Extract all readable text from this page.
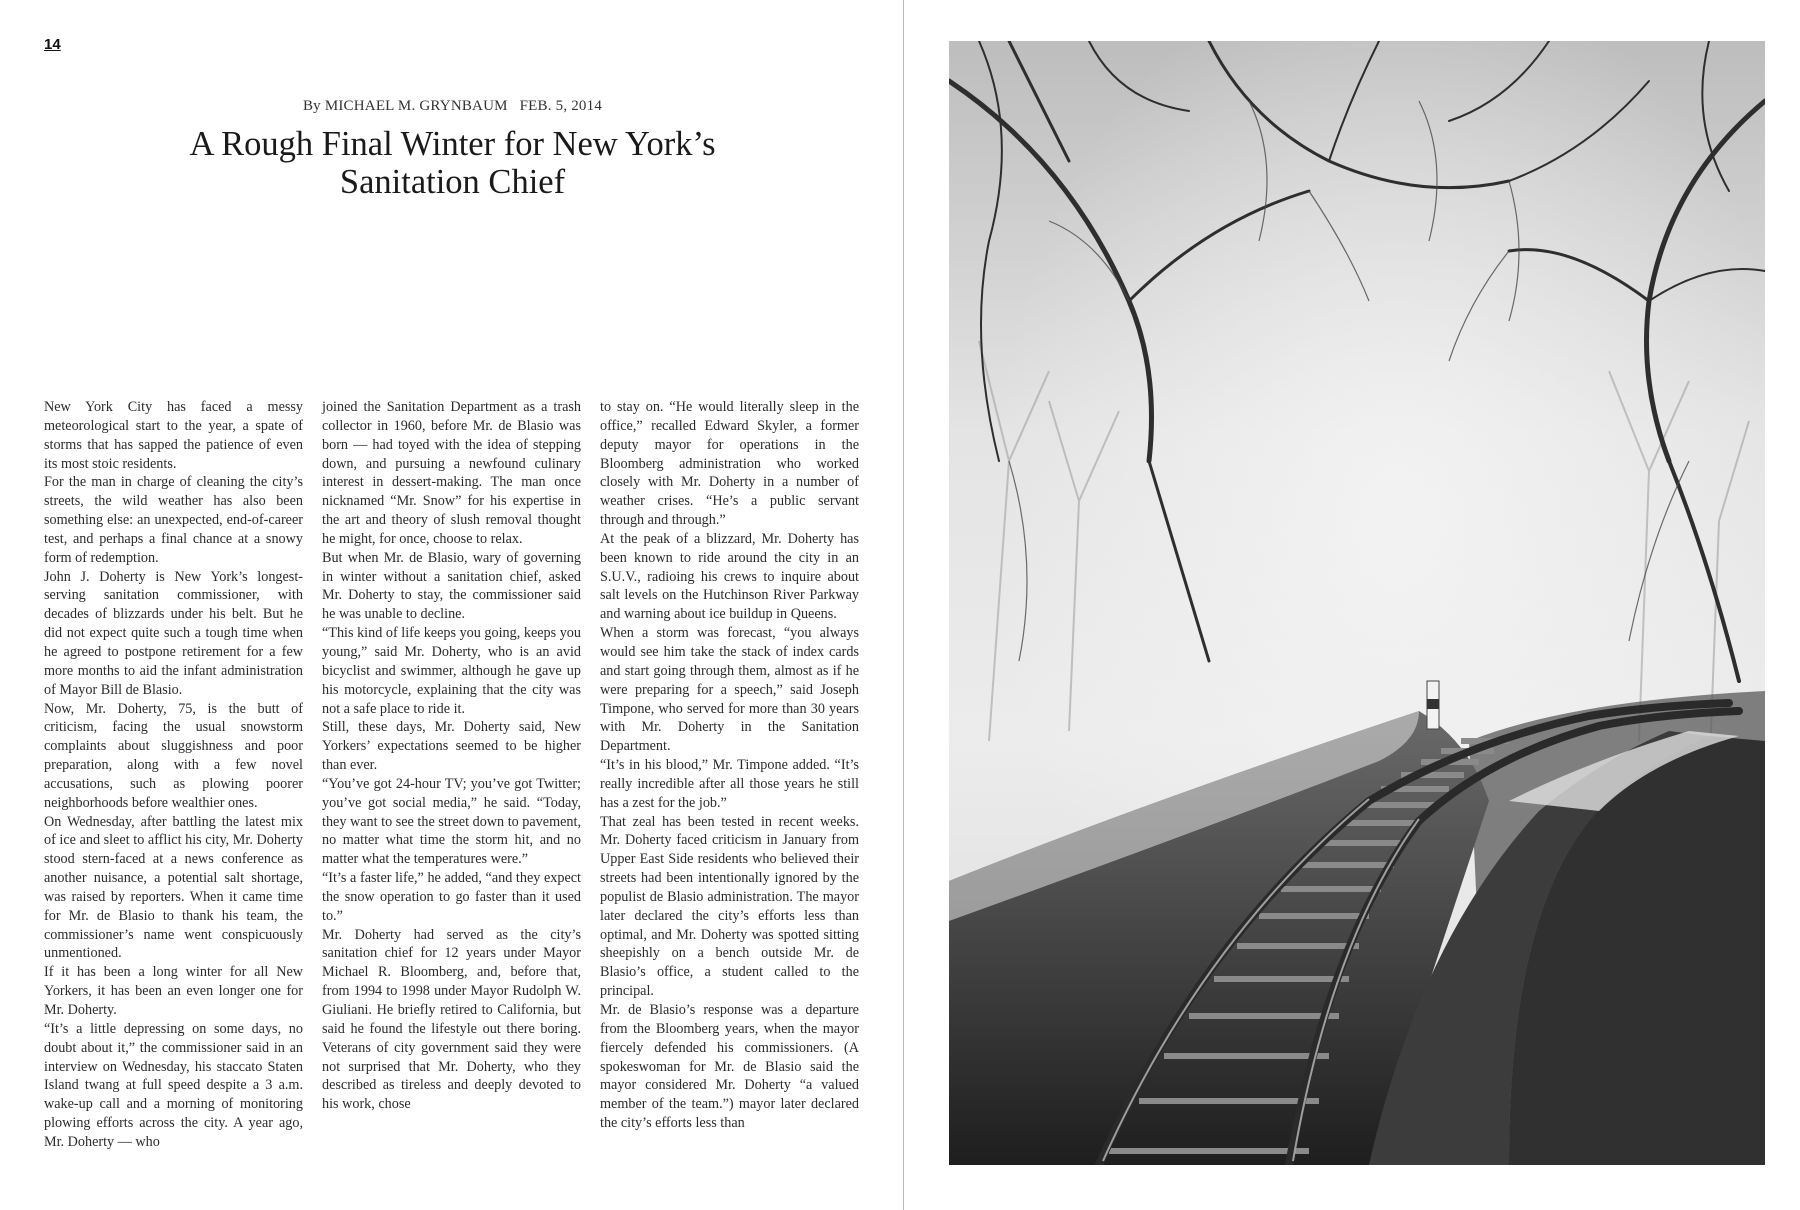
14
By MICHAEL M. GRYNBAUM FEB. 5, 2014
A Rough Final Winter for New York’s Sanitation Chief

New York City has faced a messy meteorological start to the year, a spate of storms that has sapped the patience of even its most stoic residents.

For the man in charge of cleaning the city’s streets, the wild weather has also been something else: an unexpected, end-of-career test, and perhaps a final chance at a snowy form of redemption.

John J. Doherty is New York’s longest-serving sanitation commissioner, with decades of blizzards under his belt. But he did not expect quite such a tough time when he agreed to postpone retirement for a few more months to aid the infant administration of Mayor Bill de Blasio.

Now, Mr. Doherty, 75, is the butt of criticism, facing the usual snowstorm complaints about sluggishness and poor preparation, along with a few novel accusations, such as plowing poorer neighborhoods before wealthier ones.

On Wednesday, after battling the latest mix of ice and sleet to afflict his city, Mr. Doherty stood stern-faced at a news conference as another nuisance, a potential salt shortage, was raised by reporters. When it came time for Mr. de Blasio to thank his team, the commissioner’s name went conspicuously unmentioned.

If it has been a long winter for all New Yorkers, it has been an even longer one for Mr. Doherty.

“It’s a little depressing on some days, no doubt about it,” the commissioner said in an interview on Wednesday, his staccato Staten Island twang at full speed despite a 3 a.m. wake-up call and a morning of monitoring plowing efforts across the city. A year ago, Mr. Doherty — who

joined the Sanitation Department as a trash collector in 1960, before Mr. de Blasio was born — had toyed with the idea of stepping down, and pursuing a newfound culinary interest in dessert-making. The man once nicknamed “Mr. Snow” for his expertise in the art and theory of slush removal thought he might, for once, choose to relax.

But when Mr. de Blasio, wary of governing in winter without a sanitation chief, asked Mr. Doherty to stay, the commissioner said he was unable to decline.

“This kind of life keeps you going, keeps you young,” said Mr. Doherty, who is an avid bicyclist and swimmer, although he gave up his motorcycle, explaining that the city was not a safe place to ride it.

Still, these days, Mr. Doherty said, New Yorkers’ expectations seemed to be higher than ever.

“You’ve got 24-hour TV; you’ve got Twitter; you’ve got social media,” he said. “Today, they want to see the street down to pavement, no matter what time the storm hit, and no matter what the temperatures were.”

“It’s a faster life,” he added, “and they expect the snow operation to go faster than it used to.”

Mr. Doherty had served as the city’s sanitation chief for 12 years under Mayor Michael R. Bloomberg, and, before that, from 1994 to 1998 under Mayor Rudolph W. Giuliani. He briefly retired to California, but said he found the lifestyle out there boring. Veterans of city government said they were not surprised that Mr. Doherty, who they described as tireless and deeply devoted to his work, chose

to stay on. “He would literally sleep in the office,” recalled Edward Skyler, a former deputy mayor for operations in the Bloomberg administration who worked closely with Mr. Doherty in a number of weather crises. “He’s a public servant through and through.”

At the peak of a blizzard, Mr. Doherty has been known to ride around the city in an S.U.V., radioing his crews to inquire about salt levels on the Hutchinson River Parkway and warning about ice buildup in Queens.

When a storm was forecast, “you always would see him take the stack of index cards and start going through them, almost as if he were preparing for a speech,” said Joseph Timpone, who served for more than 30 years with Mr. Doherty in the Sanitation Department.

“It’s in his blood,” Mr. Timpone added. “It’s really incredible after all those years he still has a zest for the job.”

That zeal has been tested in recent weeks. Mr. Doherty faced criticism in January from Upper East Side residents who believed their streets had been intentionally ignored by the populist de Blasio administration. The mayor later declared the city’s efforts less than optimal, and Mr. Doherty was spotted sitting sheepishly on a bench outside Mr. de Blasio’s office, a student called to the principal.

Mr. de Blasio’s response was a departure from the Bloomberg years, when the mayor fiercely defended his commissioners. (A spokeswoman for Mr. de Blasio said the mayor considered Mr. Doherty “a valued member of the team.”) mayor later declared the city’s efforts less than
